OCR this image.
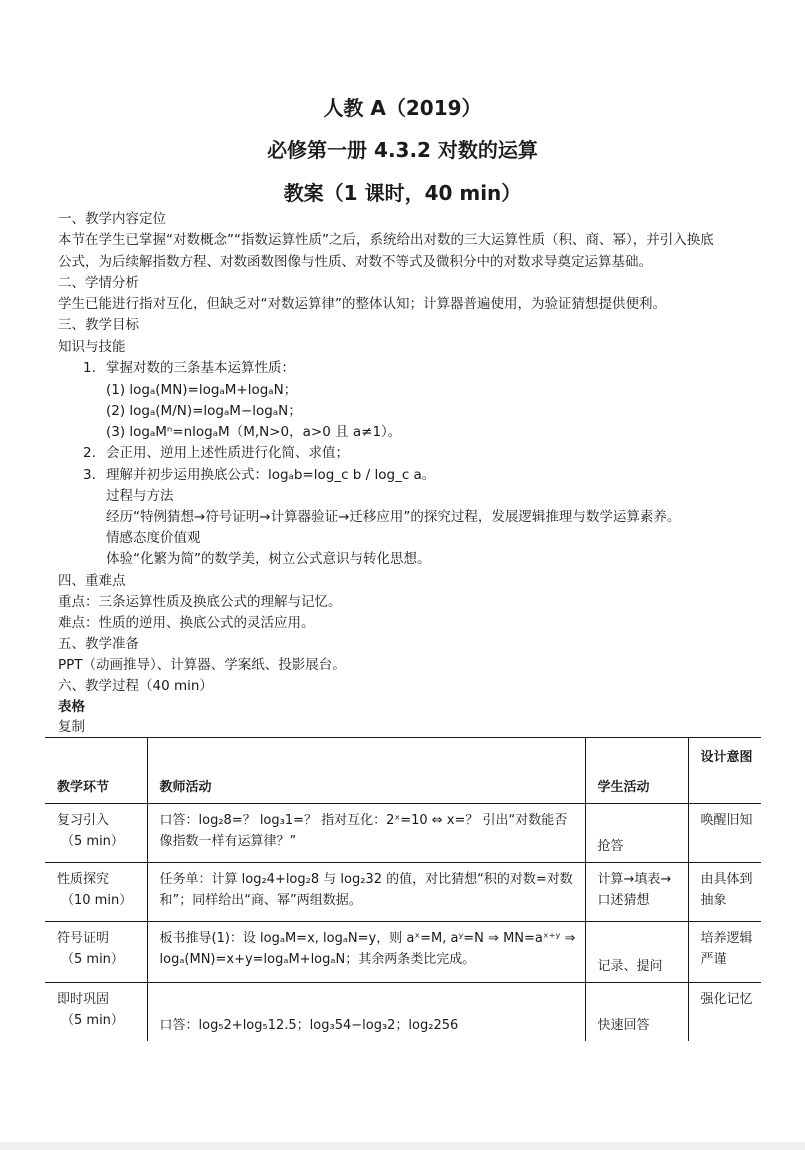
人教 A（2019）
必修第一册 4.3.2 对数的运算
教案（1 课时，40 min）
一、教学内容定位
本节在学生已掌握“对数概念”“指数运算性质”之后，系统给出对数的三大运算性质（积、商、幂），并引入换底
公式，为后续解指数方程、对数函数图像与性质、对数不等式及微积分中的对数求导奠定运算基础。
二、学情分析
学生已能进行指对互化，但缺乏对“对数运算律”的整体认知；计算器普遍使用，为验证猜想提供便利。
三、教学目标
知识与技能
1. 掌握对数的三条基本运算性质：
(1) logₐ(MN)=logₐM+logₐN；
(2) logₐ(M/N)=logₐM−logₐN；
(3) logₐMⁿ=nlogₐM（M,N>0，a>0 且 a≠1）。
2. 会正用、逆用上述性质进行化简、求值；
3. 理解并初步运用换底公式：logₐb=log_c b / log_c a。
过程与方法
经历“特例猜想→符号证明→计算器验证→迁移应用”的探究过程，发展逻辑推理与数学运算素养。
情感态度价值观
体验“化繁为简”的数学美，树立公式意识与转化思想。
四、重难点
重点：三条运算性质及换底公式的理解与记忆。
难点：性质的逆用、换底公式的灵活应用。
五、教学准备
PPT（动画推导）、计算器、学案纸、投影展台。
六、教学过程（40 min）
表格
复制
教学环节	教师活动	学生活动	设计意图

复习引入
（5 min）	口答：log₂8=？ log₃1=？ 指对互化：2ˣ=10 ⇔ x=？ 引出“对数能否像指数一样有运算律？”	抢答	唤醒旧知

性质探究
（10 min）	任务单：计算 log₂4+log₂8 与 log₂32 的值，对比猜想“积的对数=对数和”；同样给出“商、幂”两组数据。	计算→填表→口述猜想	由具体到抽象

符号证明
（5 min）	板书推导(1)：设 logₐM=x, logₐN=y，则 aˣ=M, aʸ=N ⇒ MN=aˣ⁺ʸ ⇒ logₐ(MN)=x+y=logₐM+logₐN；其余两条类比完成。	记录、提问	培养逻辑严谨

即时巩固
（5 min）	口答：log₅2+log₅12.5；log₃54−log₃2；log₂256	快速回答	强化记忆
